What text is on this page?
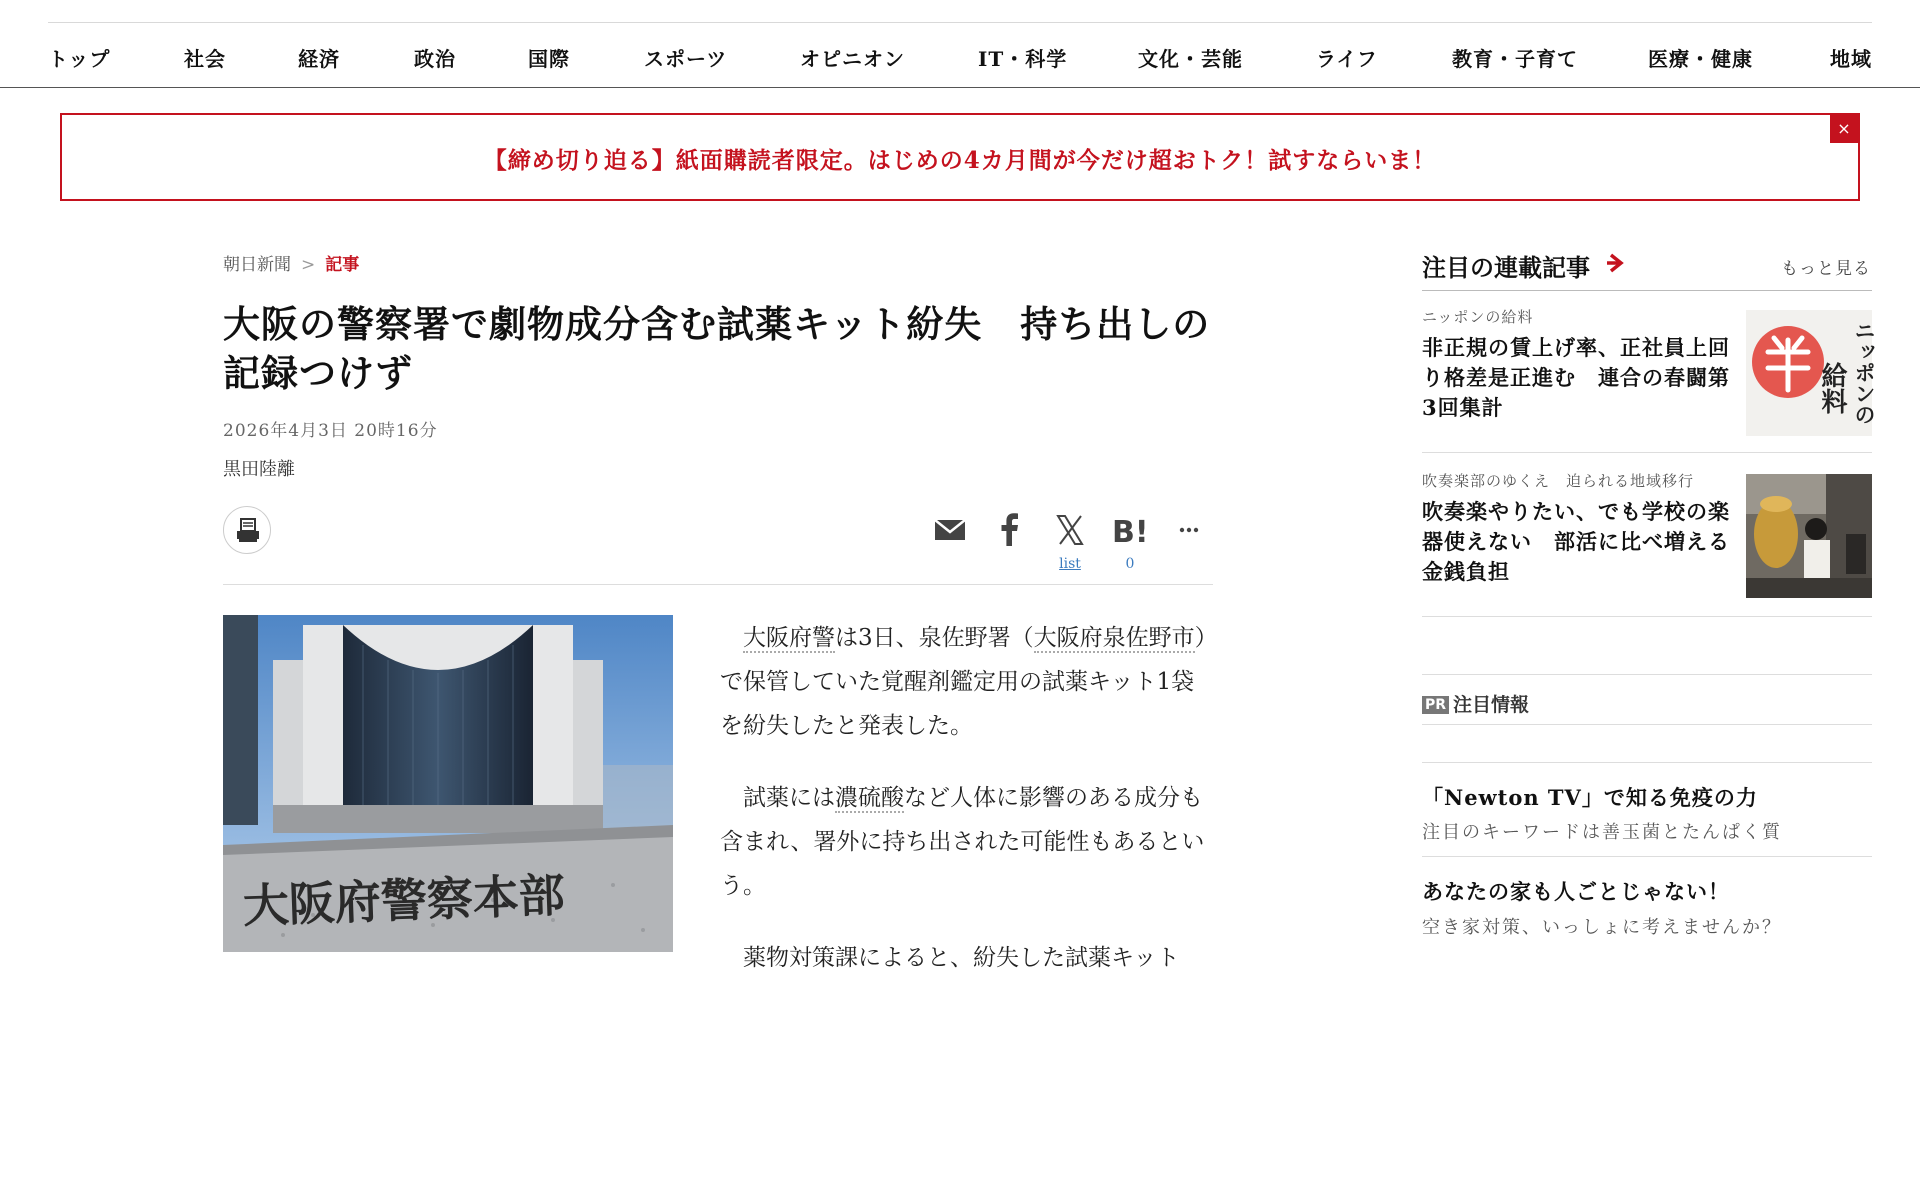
トップ	社会	経済	政治	国際	スポーツ	オピニオン	IT・科学	文化・芸能	ライフ	教育・子育て	医療・健康	地域
【締め切り迫る】紙面購読者限定。はじめの4カ月間が今だけ超おトク！試すならいま！
×
朝日新聞 > 記事
大阪の警察署で劇物成分含む試薬キット紛失　持ち出しの
記録つけず
2026年4月3日 20時16分
黒田陸離
list
B!
0
大阪府警察本部

大阪府警は3日、泉佐野署（大阪府泉佐野市）で保管していた覚醒剤鑑定用の試薬キット1袋を紛失したと発表した。

試薬には濃硫酸など人体に影響のある成分も含まれ、署外に持ち出された可能性もあるという。

薬物対策課によると、紛失した試薬キット

注目の連載記事	もっと見る
ニッポンの給料
非正規の賃上げ率、正社員上回り格差是正進む　連合の春闘第3回集計	ニッポンの
給料
吹奏楽部のゆくえ　迫られる地域移行
吹奏楽やりたい、でも学校の楽器使えない　部活に比べ増える金銭負担
PR 注目情報
「Newton TV」で知る免疫の力
注目のキーワードは善玉菌とたんぱく質
あなたの家も人ごとじゃない！
空き家対策、いっしょに考えませんか？
